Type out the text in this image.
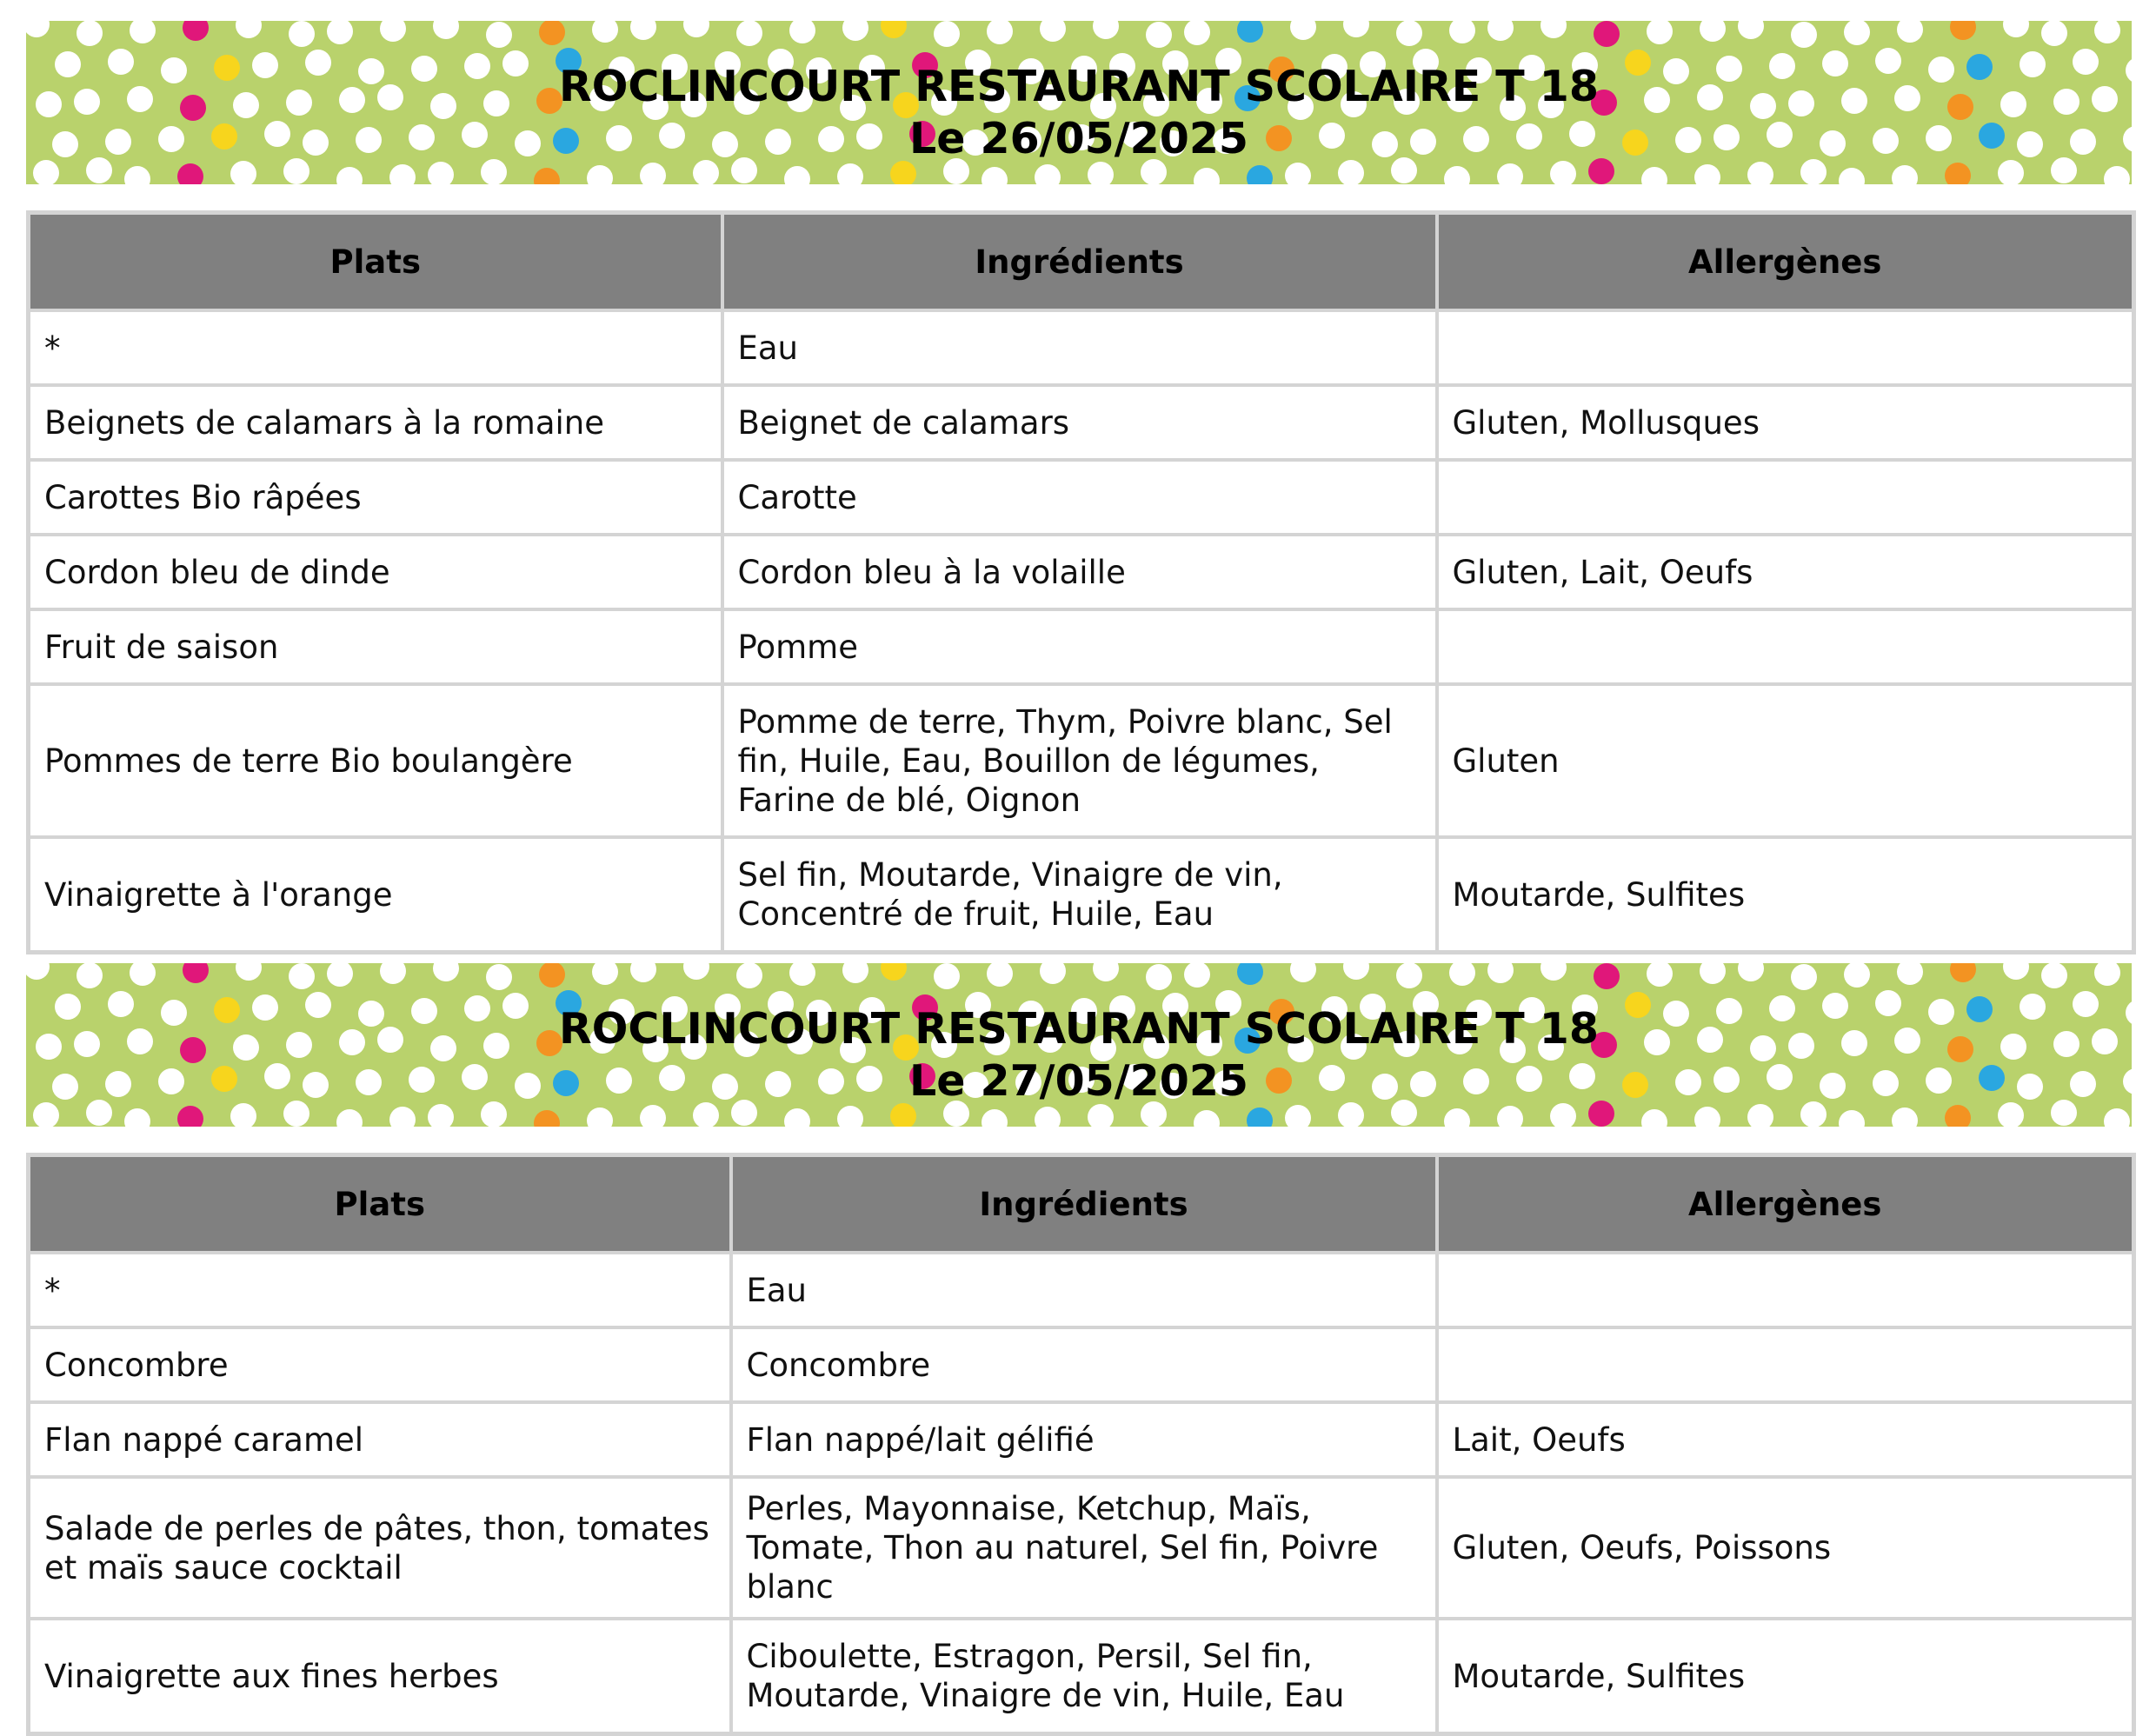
ROCLINCOURT RESTAURANT SCOLAIRE T 18
Le 26/05/2025
Plats	Ingrédients	Allergènes
*	Eau	
Beignets de calamars à la romaine	Beignet de calamars	Gluten, Mollusques
Carottes Bio râpées	Carotte	
Cordon bleu de dinde	Cordon bleu à la volaille	Gluten, Lait, Oeufs
Fruit de saison	Pomme	
Pommes de terre Bio boulangère	Pomme de terre, Thym, Poivre blanc, Sel fin, Huile, Eau, Bouillon de légumes, Farine de blé, Oignon	Gluten
Vinaigrette à l'orange	Sel fin, Moutarde, Vinaigre de vin, Concentré de fruit, Huile, Eau	Moutarde, Sulfites
ROCLINCOURT RESTAURANT SCOLAIRE T 18
Le 27/05/2025
Plats	Ingrédients	Allergènes
*	Eau	
Concombre	Concombre	
Flan nappé caramel	Flan nappé/lait gélifié	Lait, Oeufs
Salade de perles de pâtes, thon, tomates et maïs sauce cocktail	Perles, Mayonnaise, Ketchup, Maïs, Tomate, Thon au naturel, Sel fin, Poivre blanc	Gluten, Oeufs, Poissons
Vinaigrette aux fines herbes	Ciboulette, Estragon, Persil, Sel fin, Moutarde, Vinaigre de vin, Huile, Eau	Moutarde, Sulfites
